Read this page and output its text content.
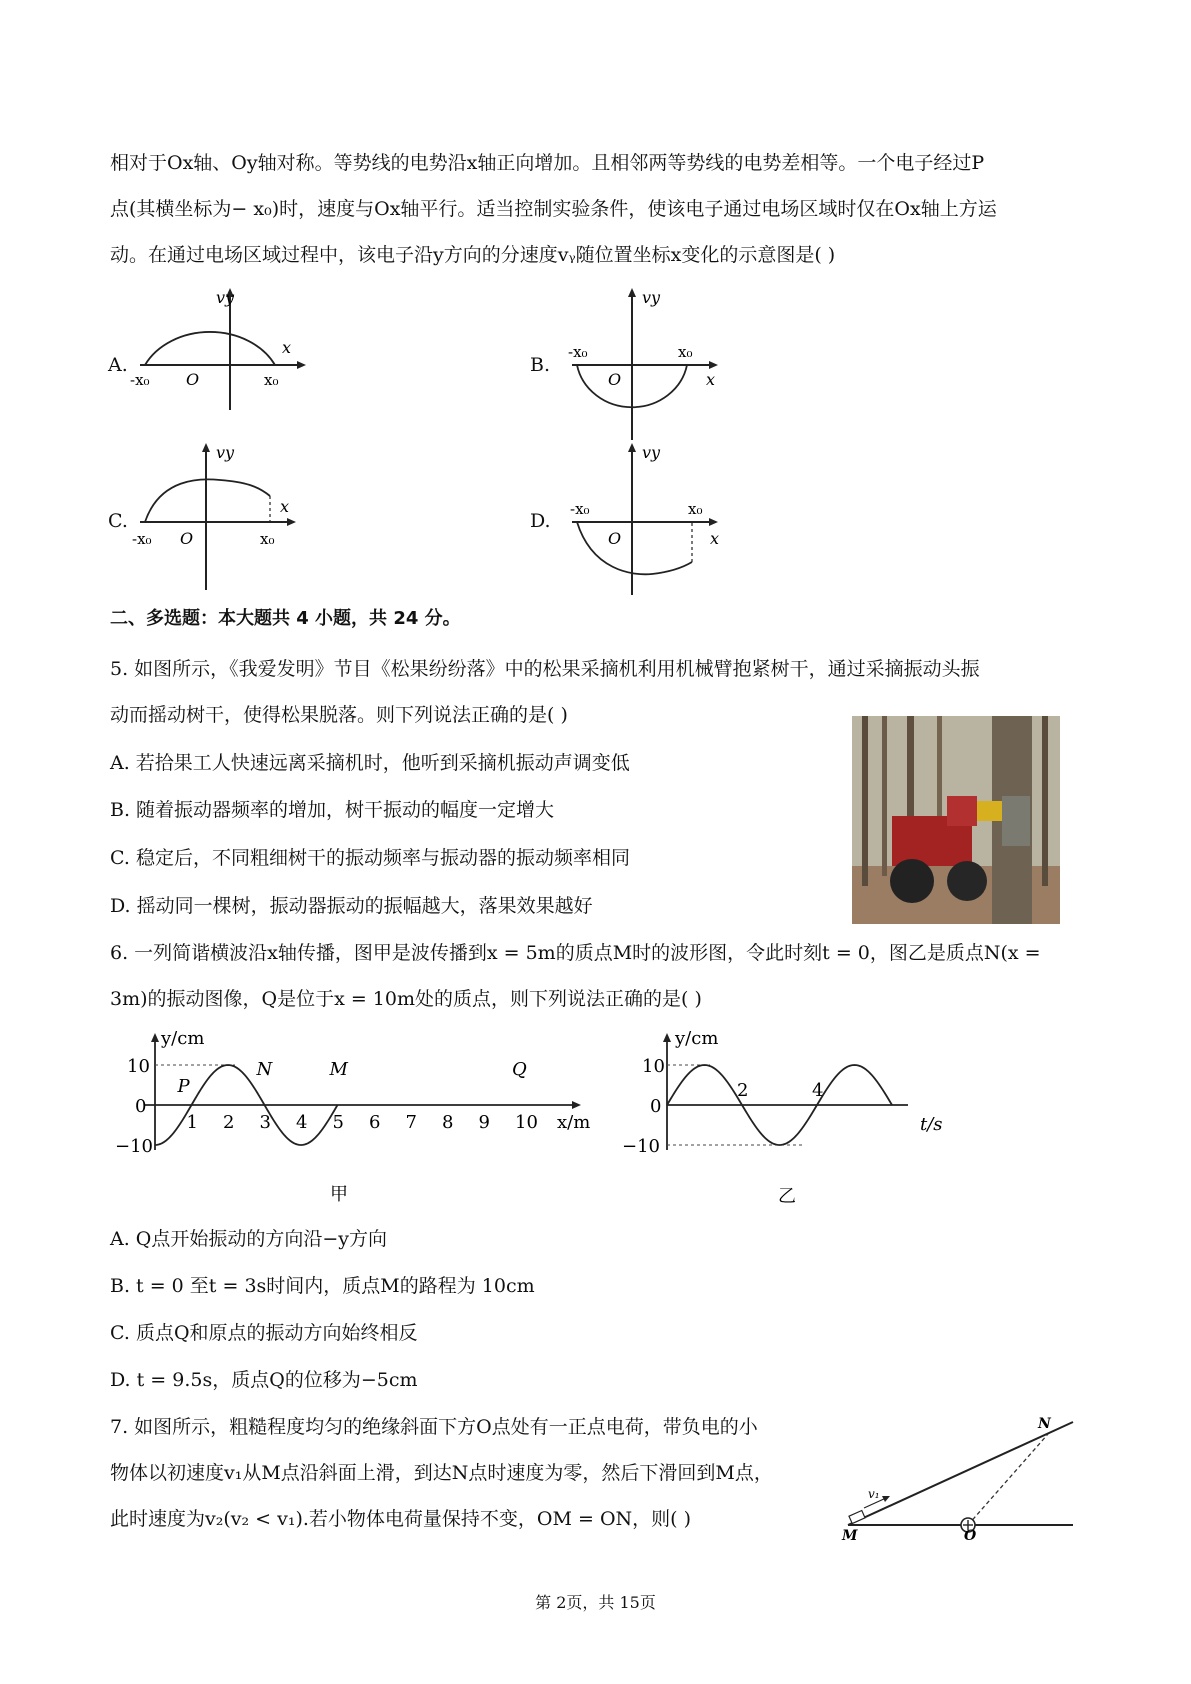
相对于Ox轴、Oy轴对称。等势线的电势沿x轴正向增加。且相邻两等势线的电势差相等。一个电子经过P
点(其横坐标为− x₀)时，速度与Ox轴平行。适当控制实验条件，使该电子通过电场区域时仅在Ox轴上方运
动。在通过电场区域过程中，该电子沿y方向的分速度vᵧ随位置坐标x变化的示意图是( )
A.
vy
x
-x₀ O	x₀
B.
vy
x
-x₀
O
x₀
C.
vy
x
-x₀ O	x₀
D.
vy
x
-x₀
O
x₀
二、多选题：本大题共 4 小题，共 24 分。
5. 如图所示，《我爱发明》节目《松果纷纷落》中的松果采摘机利用机械臂抱紧树干，通过采摘振动头振
动而摇动树干，使得松果脱落。则下列说法正确的是( )
A. 若拾果工人快速远离采摘机时，他听到采摘机振动声调变低
B. 随着振动器频率的增加，树干振动的幅度一定增大
C. 稳定后，不同粗细树干的振动频率与振动器的振动频率相同
D. 摇动同一棵树，振动器振动的振幅越大，落果效果越好
6. 一列简谐横波沿x轴传播，图甲是波传播到x = 5m的质点M时的波形图，令此时刻t = 0，图乙是质点N(x =
3m)的振动图像，Q是位于x = 10m处的质点，则下列说法正确的是( )
y/cm
x/m
10
0
−10
1 2 3 4 5 6 7 8 9 10
P
N	M	Q
甲
y/cm
t/s
10
0
−10
2	4
乙
A. Q点开始振动的方向沿−y方向
B. t = 0 至t = 3s时间内，质点M的路程为 10cm
C. 质点Q和原点的振动方向始终相反
D. t = 9.5s，质点Q的位移为−5cm
7. 如图所示，粗糙程度均匀的绝缘斜面下方O点处有一正点电荷，带负电的小
物体以初速度v₁从M点沿斜面上滑，到达N点时速度为零，然后下滑回到M点，
此时速度为v₂(v₂ < v₁).若小物体电荷量保持不变，OM = ON，则( )
v₁
M	O
N
第 2页，共 15页
